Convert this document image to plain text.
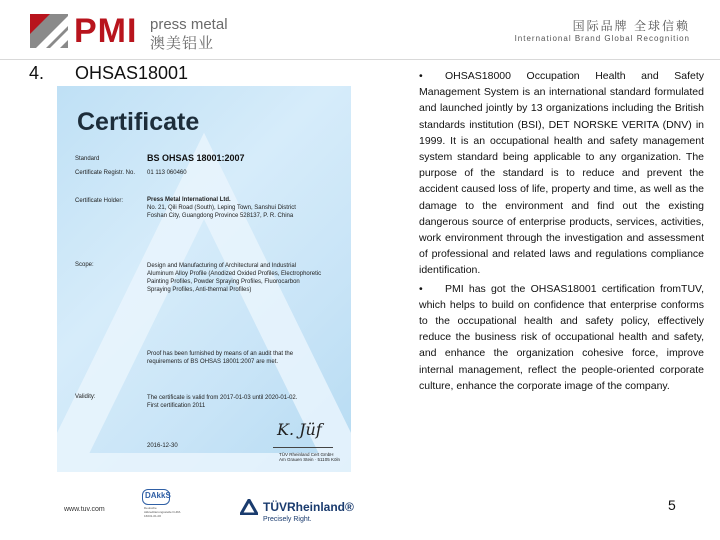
PMI press metal
澳美铝业
国际品牌 全球信赖
International Brand Global Recognition
4. OHSAS18001
Certificate
Standard	BS OHSAS 18001:2007
Certificate Registr. No. 01 113 060460
Certificate Holder:	Press Metal International Ltd.
No. 21, Qili Road (South), Leping Town, Sanshui District
Foshan City, Guangdong Province 528137, P. R. China
Scope:	Design and Manufacturing of Architectural and Industrial
Aluminum Alloy Profile (Anodized Oxided Profiles, Electrophoretic
Painting Profiles, Powder Spraying Profiles, Fluorocarbon
Spraying Profiles, Anti-thermal Profiles)
Proof has been furnished by means of an audit that the
requirements of BS OHSAS 18001:2007 are met.
Validity:	The certificate is valid from 2017-01-03 until 2020-01-02.
First certification 2011
K. Jüf
2016-12-30
TÜV Rheinland Cert GmbH
Am Grauen Stein · 51105 Köln
www.tuv.com
DAkkS
Deutsche Akkreditierungsstelle D-ZM-16031-01-00
TÜVRheinland®
Precisely Right.

• OHSAS18000 Occupation Health and Safety Management System is an international standard formulated and launched jointly by 13 organizations including the British standards institution (BSI), DET NORSKE VERITA (DNV) in 1999. It is an occupational health and safety management system standard being applicable to any organization. The purpose of the standard is to reduce and prevent the accident caused loss of life, property and time, as well as the damage to the environment and find out the existing dangerous source of enterprise products, services, activities, work environment through the investigation and assessment of professional and related laws and regulations compliance identification.

• PMI has got the OHSAS18001 certification fromTUV, which helps to build on confidence that enterprise conforms to the occupational health and safety policy, effectively reduce the business risk of occupational health and safety, and enhance the organization cohesive force, improve internal management, reflect the people-oriented corporate culture, enhance the corporate image of the company.

5
